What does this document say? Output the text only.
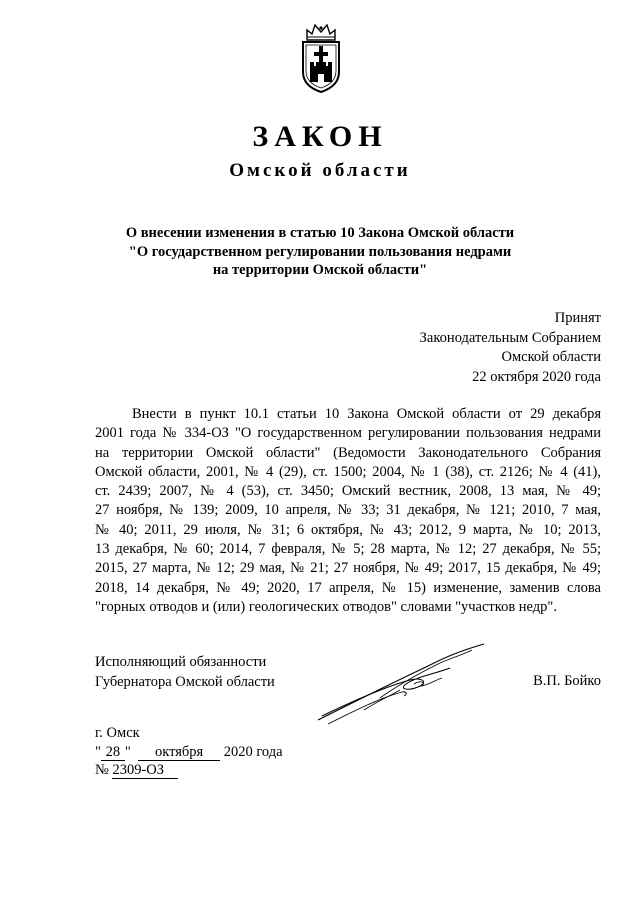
ЗАКОН
Омской области
О внесении изменения в статью 10 Закона Омской области
"О государственном регулировании пользования недрами
на территории Омской области"
Принят
Законодательным Собранием
Омской области
22 октября 2020 года
Внести в пункт 10.1 статьи 10 Закона Омской области от 29 декабря
2001 года № 334-ОЗ "О государственном регулировании пользования недрами
на территории Омской области" (Ведомости Законодательного Собрания
Омской области, 2001, № 4 (29), ст. 1500; 2004, № 1 (38), ст. 2126; № 4 (41),
ст. 2439; 2007, № 4 (53), ст. 3450; Омский вестник, 2008, 13 мая, № 49;
27 ноября, № 139; 2009, 10 апреля, № 33; 31 декабря, № 121; 2010, 7 мая,
№ 40; 2011, 29 июля, № 31; 6 октября, № 43; 2012, 9 марта, № 10; 2013,
13 декабря, № 60; 2014, 7 февраля, № 5; 28 марта, № 12; 27 декабря, № 55;
2015, 27 марта, № 12; 29 мая, № 21; 27 ноября, № 49; 2017, 15 декабря, № 49;
2018, 14 декабря, № 49; 2020, 17 апреля, № 15) изменение, заменив слова
"горных отводов и (или) геологических отводов" словами "участков недр".
Исполняющий обязанности
Губернатора Омской области	В.П. Бойко
г. Омск
" 28 " октября 2020 года
№ 2309-ОЗ
